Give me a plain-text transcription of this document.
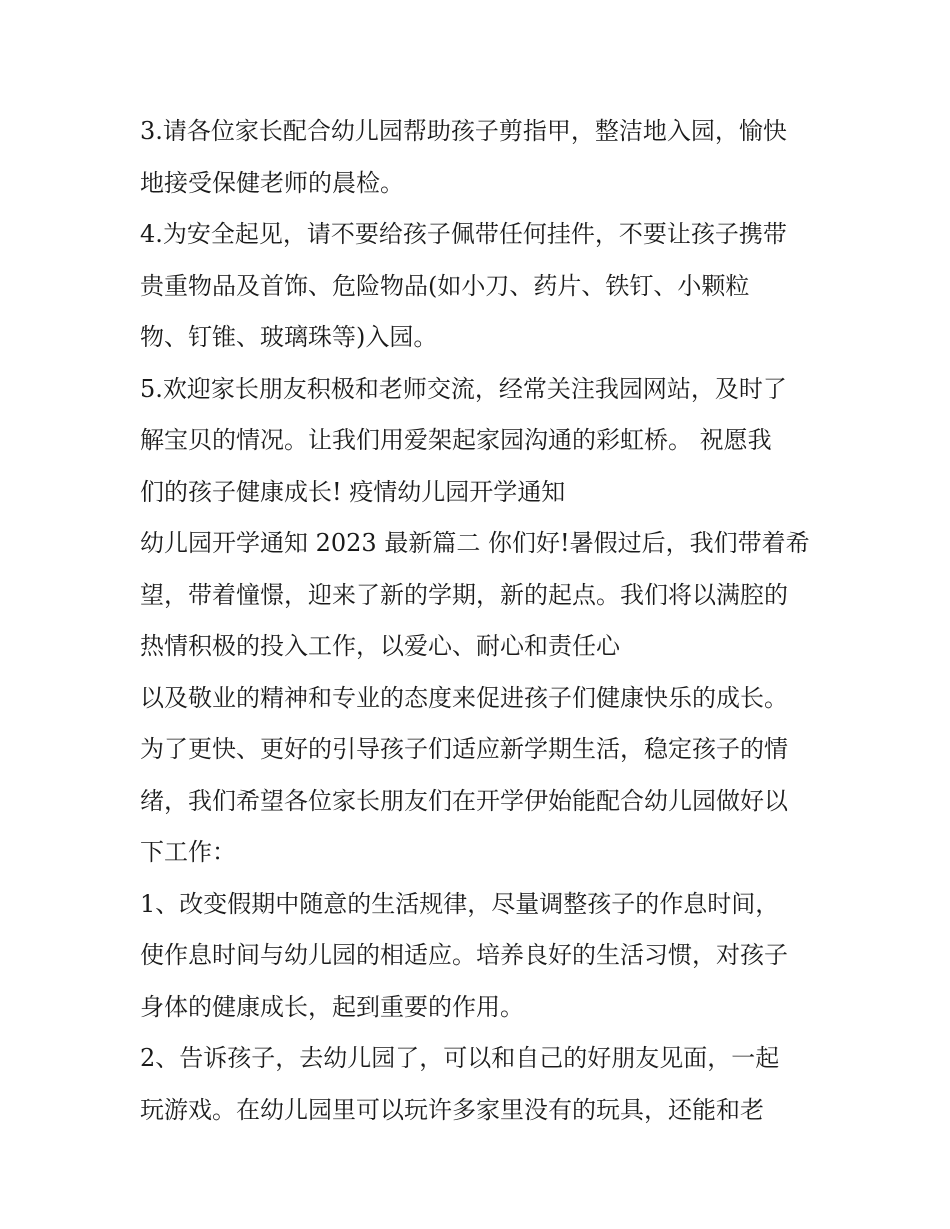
3.请各位家长配合幼儿园帮助孩子剪指甲，整洁地入园，愉快
地接受保健老师的晨检。
4.为安全起见，请不要给孩子佩带任何挂件，不要让孩子携带
贵重物品及首饰、危险物品(如小刀、药片、铁钉、小颗粒
物、钉锥、玻璃珠等)入园。
5.欢迎家长朋友积极和老师交流，经常关注我园网站，及时了
解宝贝的情况。让我们用爱架起家园沟通的彩虹桥。 祝愿我
们的孩子健康成长! 疫情幼儿园开学通知
幼儿园开学通知 2023 最新篇二 你们好!暑假过后，我们带着希
望，带着憧憬，迎来了新的学期，新的起点。我们将以满腔的
热情积极的投入工作，以爱心、耐心和责任心
以及敬业的精神和专业的态度来促进孩子们健康快乐的成长。
为了更快、更好的引导孩子们适应新学期生活，稳定孩子的情
绪，我们希望各位家长朋友们在开学伊始能配合幼儿园做好以
下工作：
1、改变假期中随意的生活规律，尽量调整孩子的作息时间，
使作息时间与幼儿园的相适应。培养良好的生活习惯，对孩子
身体的健康成长，起到重要的作用。
2、告诉孩子，去幼儿园了，可以和自己的好朋友见面，一起
玩游戏。在幼儿园里可以玩许多家里没有的玩具，还能和老
